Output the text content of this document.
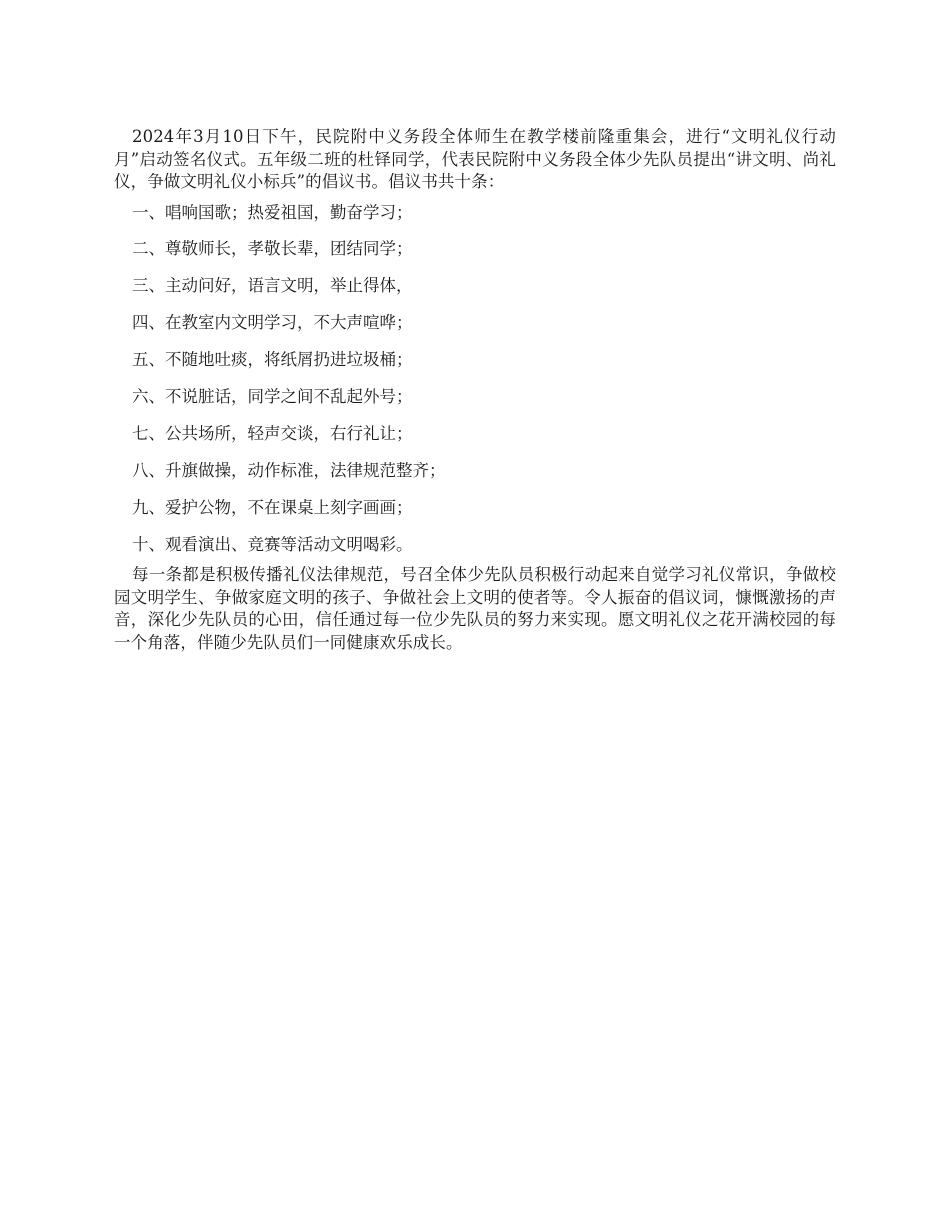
2024年3月10日下午，民院附中义务段全体师生在教学楼前隆重集会，进行“文明礼仪行动月”启动签名仪式。五年级二班的杜铎同学，代表民院附中义务段全体少先队员提出“讲文明、尚礼仪，争做文明礼仪小标兵”的倡议书。倡议书共十条：

一、唱响国歌；热爱祖国，勤奋学习；
二、尊敬师长，孝敬长辈，团结同学；
三、主动问好，语言文明，举止得体，
四、在教室内文明学习，不大声喧哗；
五、不随地吐痰，将纸屑扔进垃圾桶；
六、不说脏话，同学之间不乱起外号；
七、公共场所，轻声交谈，右行礼让；
八、升旗做操，动作标准，法律规范整齐；
九、爱护公物，不在课桌上刻字画画；
十、观看演出、竞赛等活动文明喝彩。

每一条都是积极传播礼仪法律规范，号召全体少先队员积极行动起来自觉学习礼仪常识，争做校园文明学生、争做家庭文明的孩子、争做社会上文明的使者等。令人振奋的倡议词，慷慨激扬的声音，深化少先队员的心田，信任通过每一位少先队员的努力来实现。愿文明礼仪之花开满校园的每一个角落，伴随少先队员们一同健康欢乐成长。
